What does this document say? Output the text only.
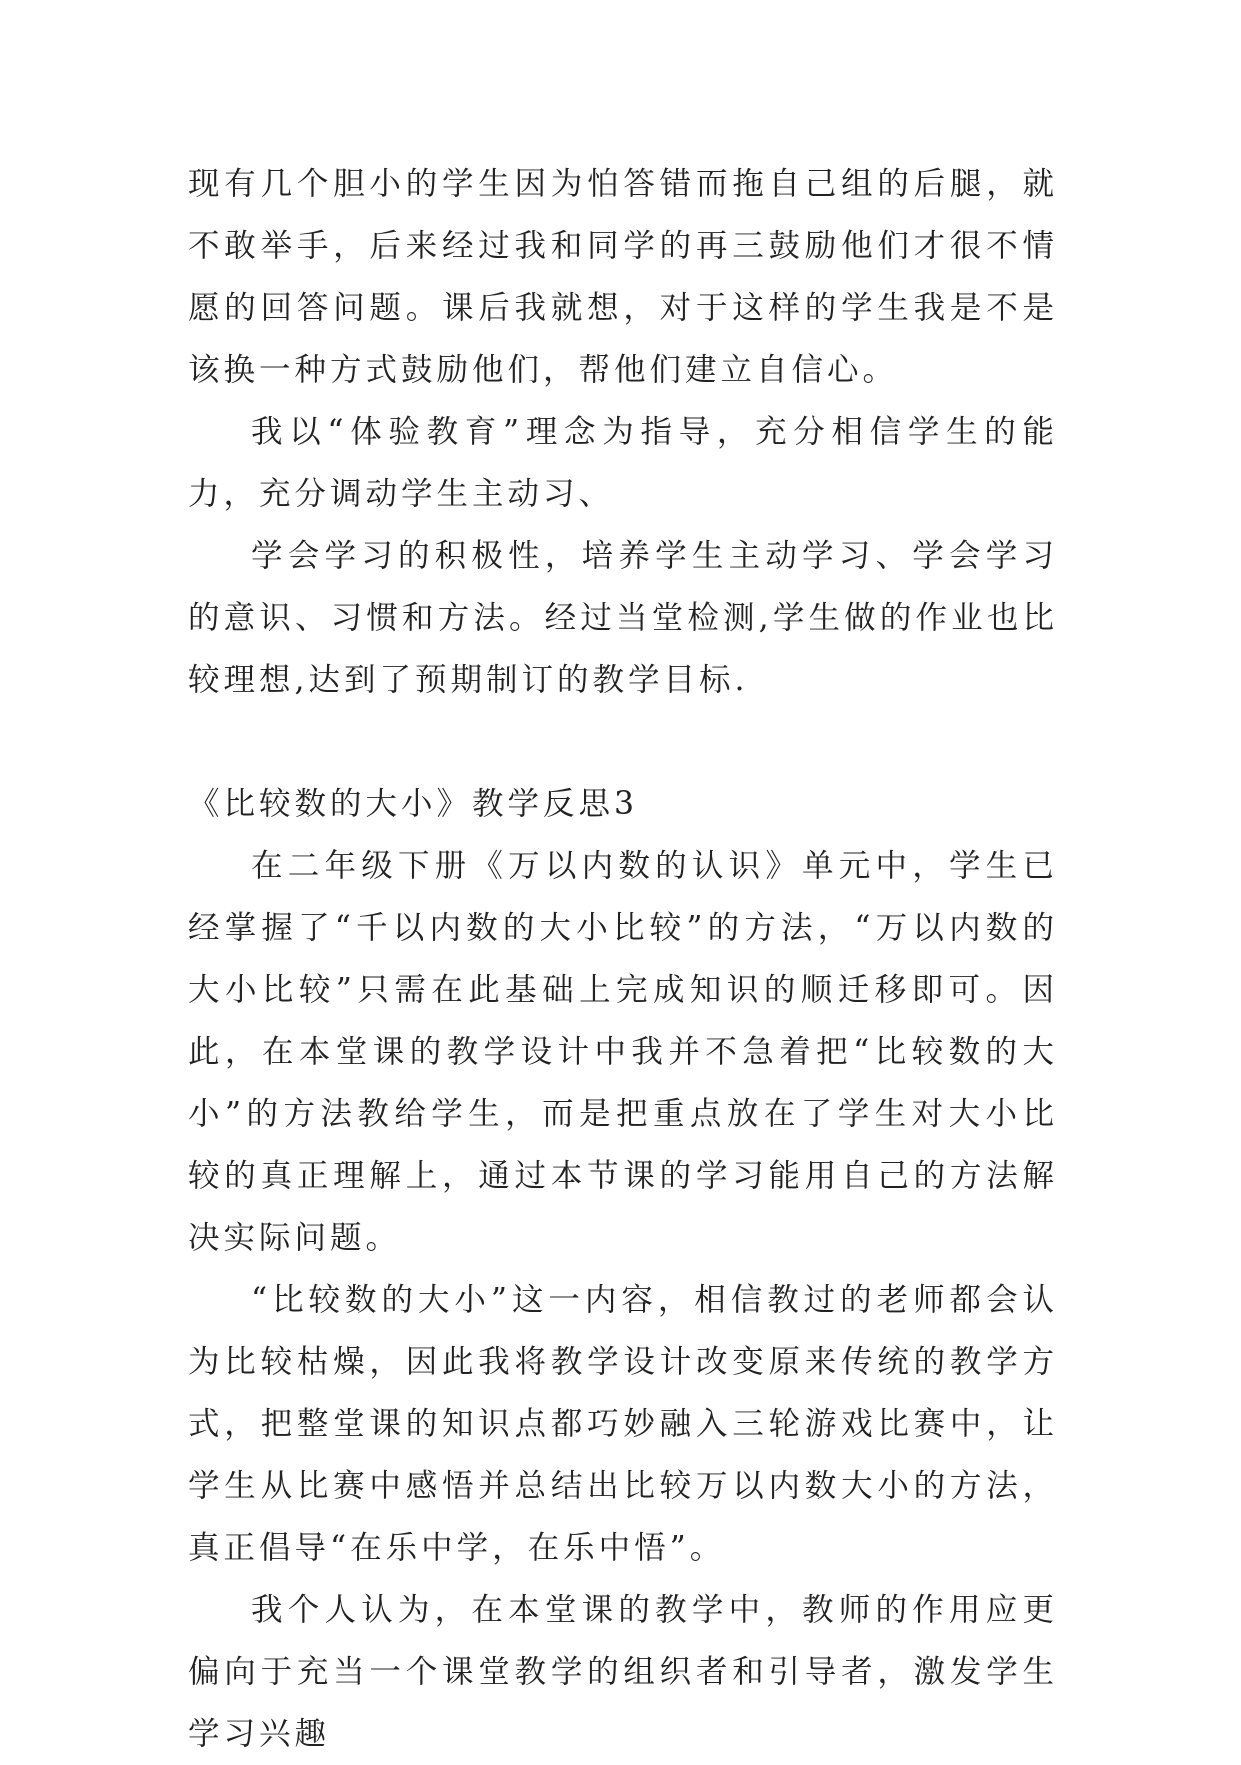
现有几个胆小的学生因为怕答错而拖自己组的后腿，就不敢举手，后来经过我和同学的再三鼓励他们才很不情愿的回答问题。课后我就想，对于这样的学生我是不是该换一种方式鼓励他们，帮他们建立自信心。

我以“体验教育”理念为指导，充分相信学生的能力，充分调动学生主动习、

学会学习的积极性，培养学生主动学习、学会学习的意识、习惯和方法。经过当堂检测,学生做的作业也比较理想,达到了预期制订的教学目标.

《比较数的大小》教学反思3

在二年级下册《万以内数的认识》单元中，学生已经掌握了“千以内数的大小比较”的方法，“万以内数的大小比较”只需在此基础上完成知识的顺迁移即可。因此，在本堂课的教学设计中我并不急着把“比较数的大小”的方法教给学生，而是把重点放在了学生对大小比较的真正理解上，通过本节课的学习能用自己的方法解决实际问题。

“比较数的大小”这一内容，相信教过的老师都会认为比较枯燥，因此我将教学设计改变原来传统的教学方式，把整堂课的知识点都巧妙融入三轮游戏比赛中，让学生从比赛中感悟并总结出比较万以内数大小的方法，真正倡导“在乐中学，在乐中悟”。

我个人认为，在本堂课的教学中，教师的作用应更偏向于充当一个课堂教学的组织者和引导者，激发学生学习兴趣
